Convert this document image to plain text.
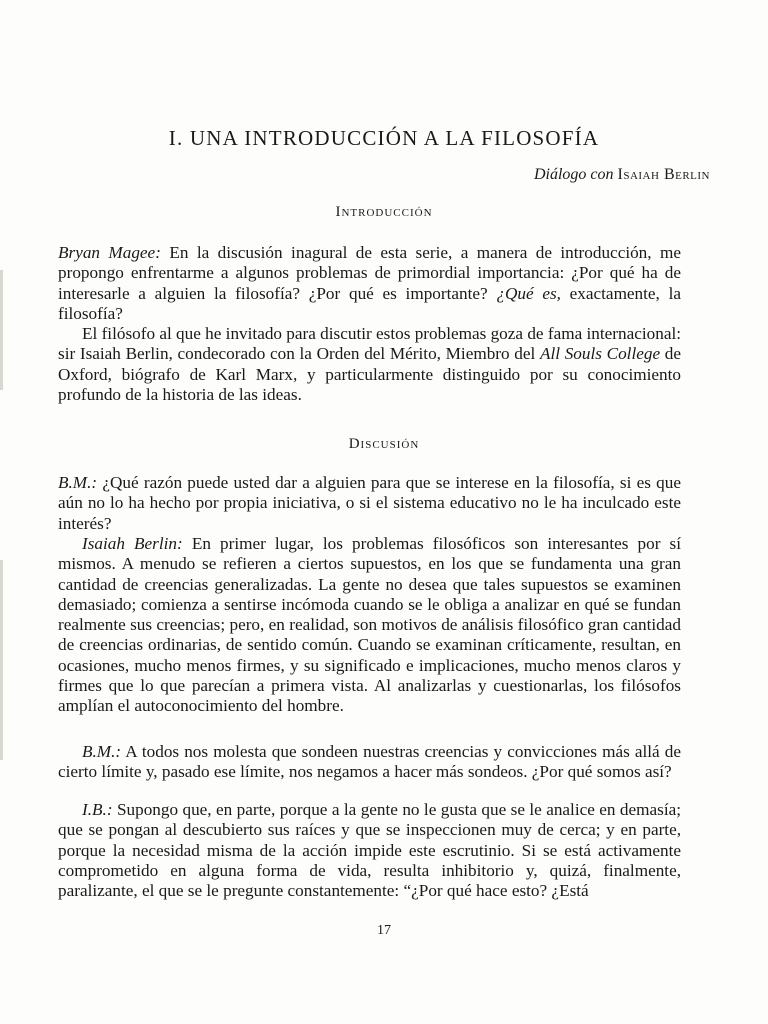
I. UNA INTRODUCCIÓN A LA FILOSOFÍA
Diálogo con Isaiah Berlin
Introducción

Bryan Magee: En la discusión inagural de esta serie, a manera de introducción, me propongo enfrentarme a algunos problemas de primordial importancia: ¿Por qué ha de interesarle a alguien la filosofía? ¿Por qué es importante? ¿Qué es, exactamente, la filosofía?

El filósofo al que he invitado para discutir estos problemas goza de fama internacional: sir Isaiah Berlin, condecorado con la Orden del Mérito, Miembro del All Souls College de Oxford, biógrafo de Karl Marx, y particularmente distinguido por su conocimiento profundo de la historia de las ideas.

Discusión

B.M.: ¿Qué razón puede usted dar a alguien para que se interese en la filosofía, si es que aún no lo ha hecho por propia iniciativa, o si el sistema educativo no le ha inculcado este interés?

Isaiah Berlin: En primer lugar, los problemas filosóficos son interesantes por sí mismos. A menudo se refieren a ciertos supuestos, en los que se fundamenta una gran cantidad de creencias generalizadas. La gente no desea que tales supuestos se examinen demasiado; comienza a sentirse incómoda cuando se le obliga a analizar en qué se fundan realmente sus creencias; pero, en realidad, son motivos de análisis filosófico gran cantidad de creencias ordinarias, de sentido común. Cuando se examinan críticamente, resultan, en ocasiones, mucho menos firmes, y su significado e implicaciones, mucho menos claros y firmes que lo que parecían a primera vista. Al analizarlas y cuestionarlas, los filósofos amplían el autoconocimiento del hombre.

B.M.: A todos nos molesta que sondeen nuestras creencias y convicciones más allá de cierto límite y, pasado ese límite, nos negamos a hacer más sondeos. ¿Por qué somos así?

I.B.: Supongo que, en parte, porque a la gente no le gusta que se le analice en demasía; que se pongan al descubierto sus raíces y que se inspeccionen muy de cerca; y en parte, porque la necesidad misma de la acción impide este escrutinio. Si se está activamente comprometido en alguna forma de vida, resulta inhibitorio y, quizá, finalmente, paralizante, el que se le pregunte constantemente: “¿Por qué hace esto? ¿Está

17
